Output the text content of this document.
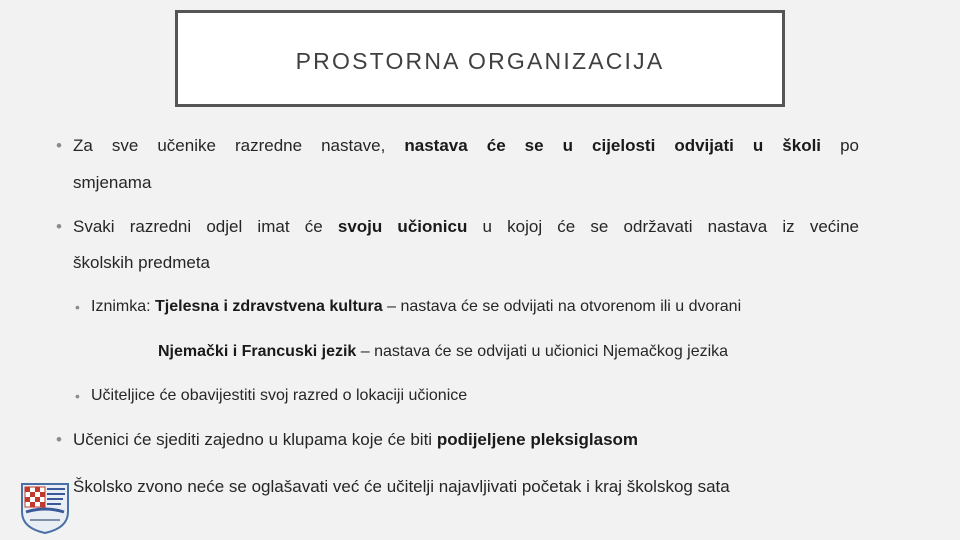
PROSTORNA ORGANIZACIJA
• Za sve učenike razredne nastave, nastava će se u cijelosti odvijati u školi po
smjenama
• Svaki razredni odjel imat će svoju učionicu u kojoj će se održavati nastava iz većine
školskih predmeta
• Iznimka: Tjelesna i zdravstvena kultura – nastava će se odvijati na otvorenom ili u dvorani
Njemački i Francuski jezik – nastava će se odvijati u učionici Njemačkog jezika
• Učiteljice će obavijestiti svoj razred o lokaciji učionice
• Učenici će sjediti zajedno u klupama koje će biti podijeljene pleksiglasom
Školsko zvono neće se oglašavati već će učitelji najavljivati početak i kraj školskog sata
